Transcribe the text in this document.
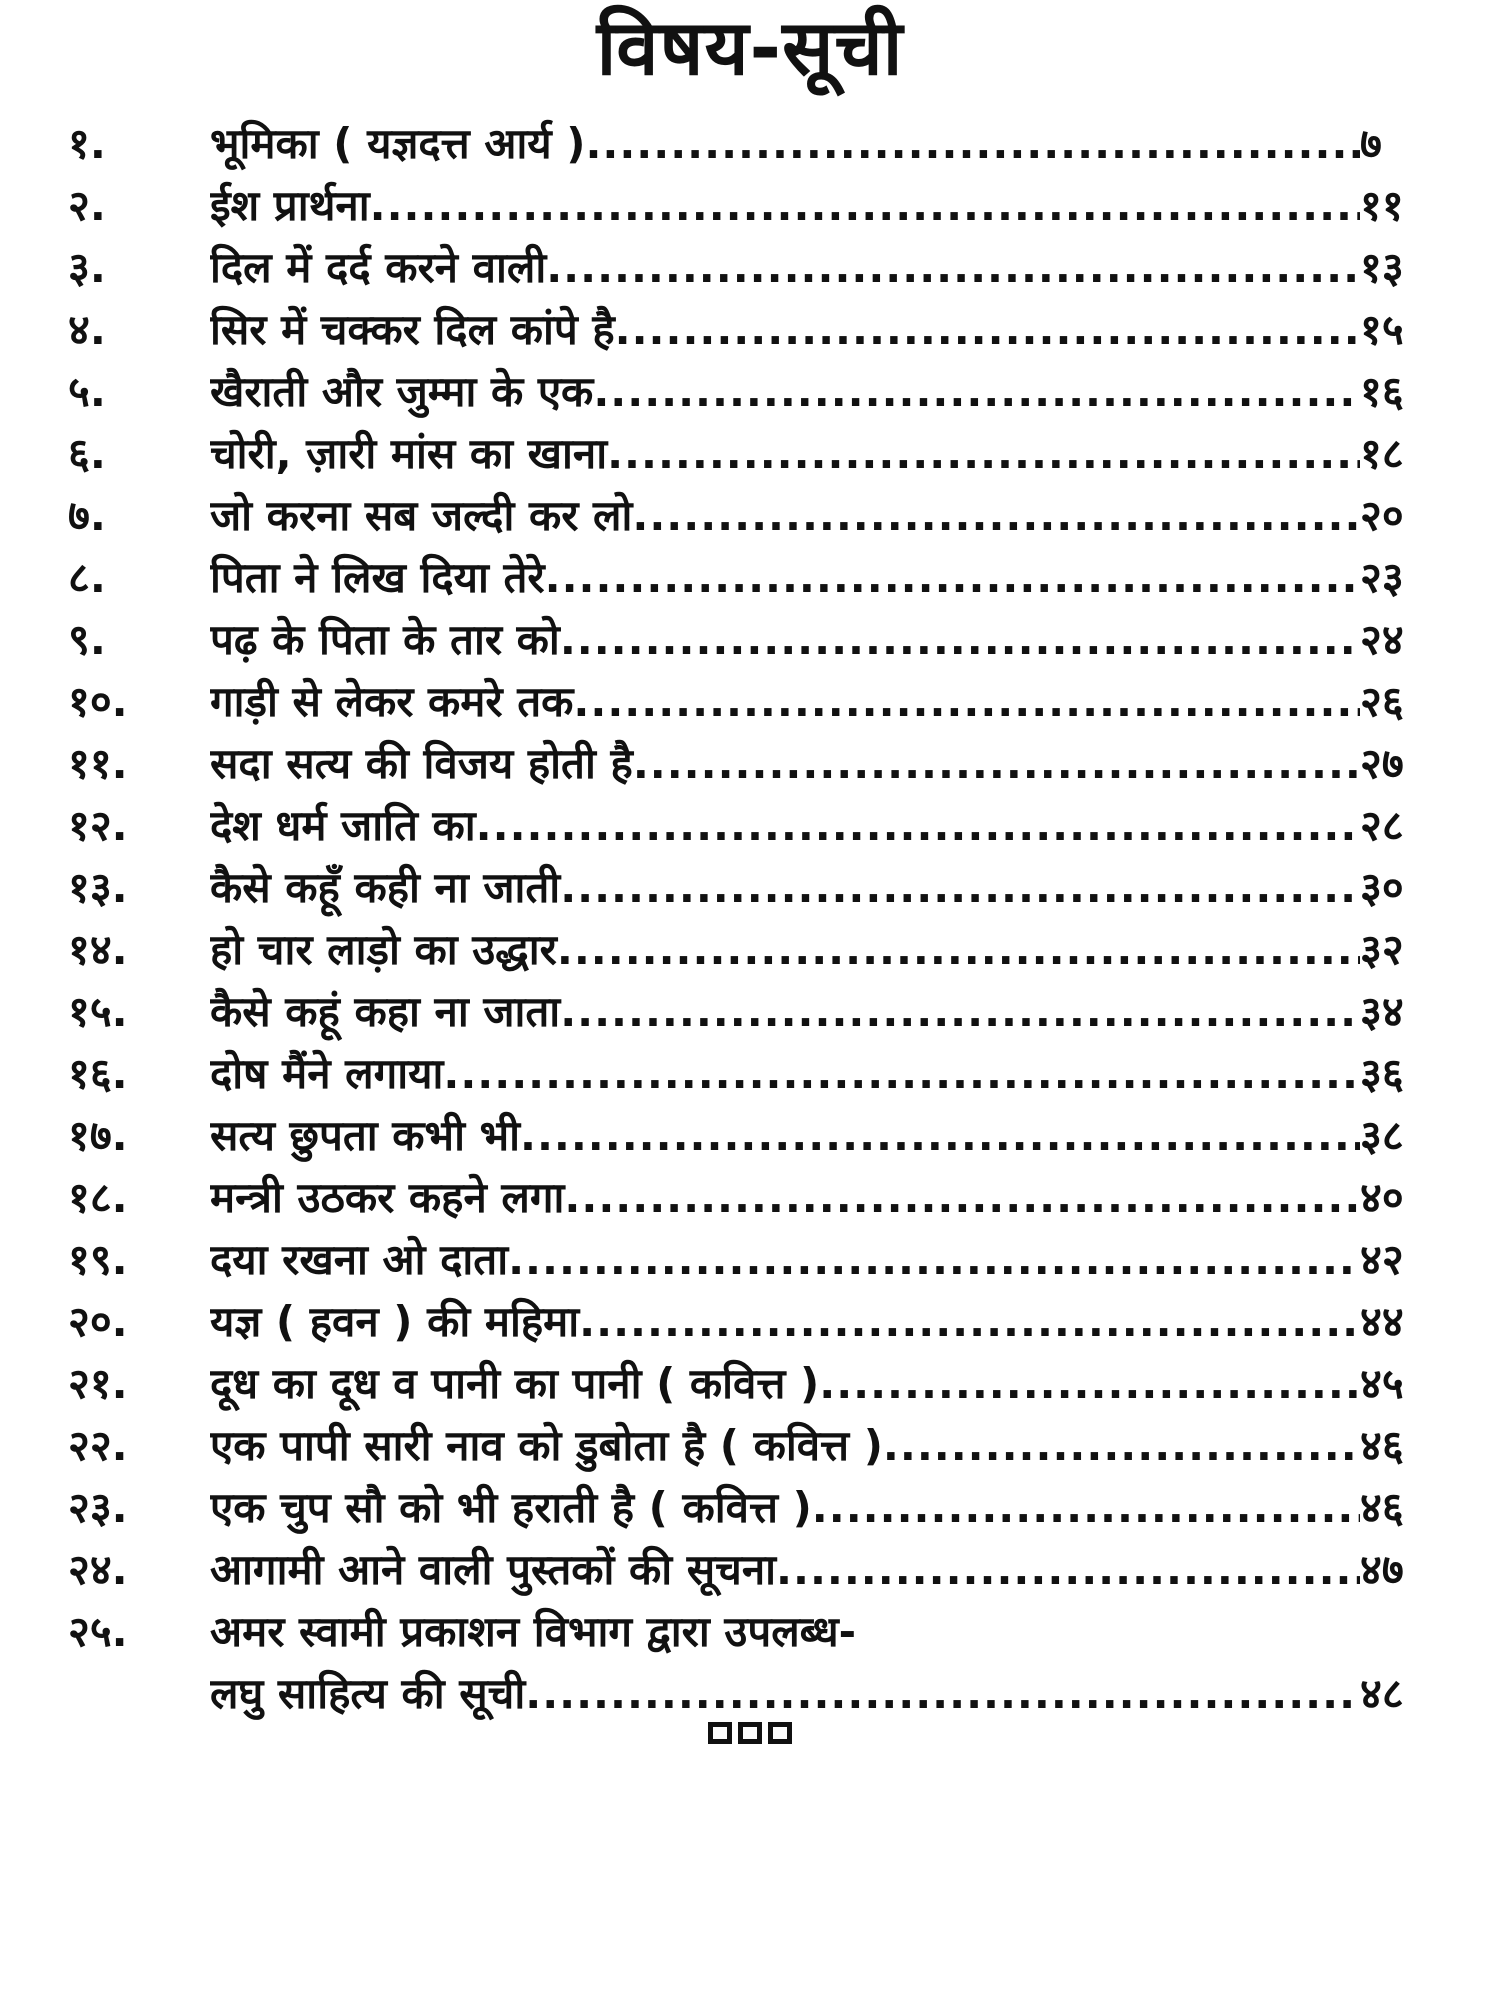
विषय-सूची
१.	भूमिका ( यज्ञदत्त आर्य ) .....	७
२.	ईश प्रार्थना .....	११
३.	दिल में दर्द करने वाली .....	१३
४.	सिर में चक्कर दिल कांपे है .....	१५
५.	खैराती और जुम्मा के एक .....	१६
६.	चोरी, ज़ारी मांस का खाना .....	१८
७.	जो करना सब जल्दी कर लो .....	२०
८.	पिता ने लिख दिया तेरे .....	२३
९.	पढ़ के पिता के तार को .....	२४
१०.	गाड़ी से लेकर कमरे तक .....	२६
११.	सदा सत्य की विजय होती है .....	२७
१२.	देश धर्म जाति का .....	२८
१३.	कैसे कहूँ कही ना जाती .....	३०
१४.	हो चार लाड़ो का उद्धार .....	३२
१५.	कैसे कहूं कहा ना जाता .....	३४
१६.	दोष मैंने लगाया .....	३६
१७.	सत्य छुपता कभी भी .....	३८
१८.	मन्त्री उठकर कहने लगा .....	४०
१९.	दया रखना ओ दाता .....	४२
२०.	यज्ञ ( हवन ) की महिमा .....	४४
२१.	दूध का दूध व पानी का पानी ( कवित्त ) .....	४५
२२.	एक पापी सारी नाव को डुबोता है ( कवित्त ) .....	४६
२३.	एक चुप सौ को भी हराती है ( कवित्त ) .....	४६
२४.	आगामी आने वाली पुस्तकों की सूचना .....	४७
२५.	अमर स्वामी प्रकाशन विभाग द्वारा उपलब्ध-
लघु साहित्य की सूची .....	४८
